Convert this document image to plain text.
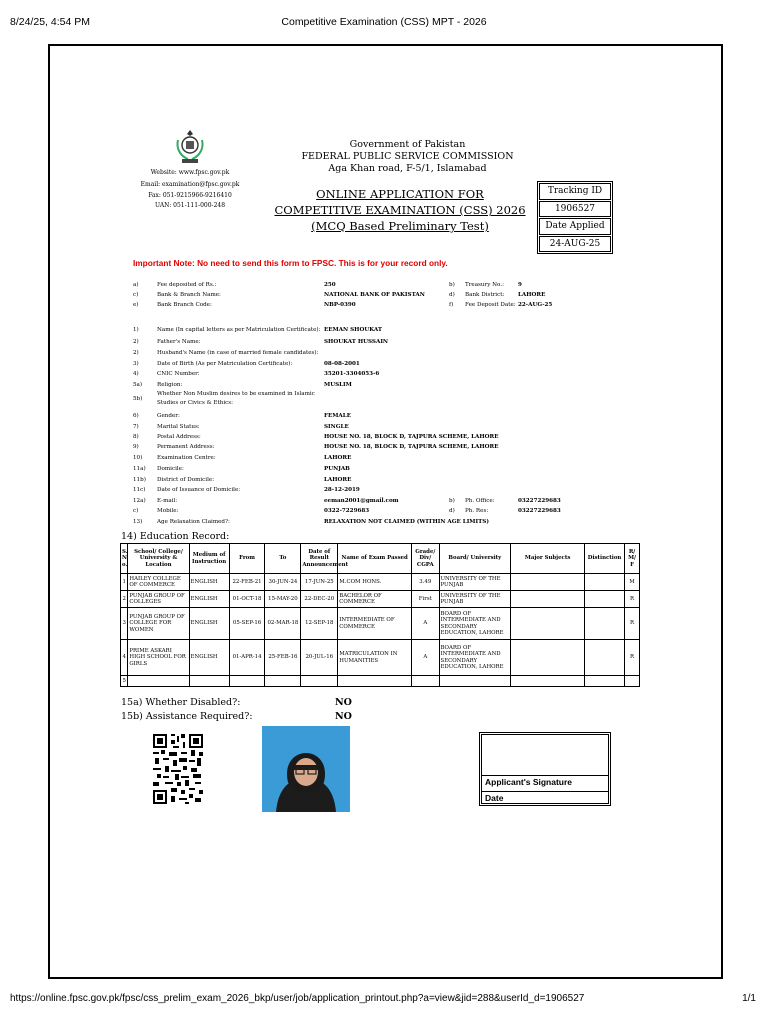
8/24/25, 4:54 PM	Competitive Examination (CSS) MPT - 2026
https://online.fpsc.gov.pk/fpsc/css_prelim_exam_2026_bkp/user/job/application_printout.php?a=view&jid=288&userId_d=1906527	1/1
Website: www.fpsc.gov.pk
Email: examination@fpsc.gov.pk
Fax: 051-9215966-9216410
UAN: 051-111-000-248
Government of Pakistan
FEDERAL PUBLIC SERVICE COMMISSION
Aga Khan road, F-5/1, Islamabad
ONLINE APPLICATION FOR
COMPETITIVE EXAMINATION (CSS) 2026
(MCQ Based Preliminary Test)
Tracking ID
1906527
Date Applied
24-AUG-25
Important Note: No need to send this form to FPSC. This is for your record only.
a)	Fee deposited of Rs.:	250	b) Treasury No.:	9
c)	Bank & Branch Name:	NATIONAL BANK OF PAKISTAN	d) Bank District: LAHORE
e)	Bank Branch Code:	NBP-0390	f) Fee Deposit Date: 22-AUG-25
1)	Name (In capital letters as per Matriculation Certificate): EEMAN SHOUKAT
2)	Father's Name:	SHOUKAT HUSSAIN
2)	Husband's Name (in case of married female candidates):
3)	Date of Birth (As per Matriculation Certificate):	08-08-2001
4)	CNIC Number:	35201-3304053-6
5a)	Religion:	MUSLIM
5b)
Whether Non Muslim desires to be examined in Islamic
Studies or Civics & Ethics:
6)	Gender:	FEMALE
7)	Marital Status:	SINGLE
8)	Postal Address:	HOUSE NO. 18, BLOCK D, TAJPURA SCHEME, LAHORE
9)	Permanent Address:	HOUSE NO. 18, BLOCK D, TAJPURA SCHEME, LAHORE
10)	Examination Centre:	LAHORE
11a) Domicile:	PUNJAB
11b) District of Domicile:	LAHORE
11c) Date of Issuance of Domicile:	28-12-2019
12a) E-mail:	eeman2001@gmail.com	b) Ph. Office:	03227229683
c)	Mobile:	0322-7229683	d) Ph. Res:	03227229683
13)	Age Relaxation Claimed?:	RELAXATION NOT CLAIMED (WITHIN AGE LIMITS)
14) Education Record:
S. N o.	School/ College/ University & Location	Medium of Instruction	From	To	Date of Result Announcement	Name of Exam Passed	Grade/ Div/ CGPA	Board/ University	Major Subjects	Distinction	R/ M/ F
1	HAILEY COLLEGE OF COMMERCE	ENGLISH	22-FEB-21	30-JUN-24	17-JUN-25	M.COM HONS.	3.49	UNIVERSITY OF THE PUNJAB			M
2	PUNJAB GROUP OF COLLEGES	ENGLISH	01-OCT-18	15-MAY-20	22-DEC-20	BACHELOR OF COMMERCE	First	UNIVERSITY OF THE PUNJAB			R
3	PUNJAB GROUP OF COLLEGE FOR WOMEN	ENGLISH	05-SEP-16	02-MAR-18	12-SEP-18	INTERMEDIATE OF COMMERCE	A	BOARD OF INTERMEDIATE AND SECONDARY EDUCATION, LAHORE			R
4	PRIME ASKARI HIGH SCHOOL FOR GIRLS	ENGLISH	01-APR-14	25-FEB-16	20-JUL-16	MATRICULATION IN HUMANITIES	A	BOARD OF INTERMEDIATE AND SECONDARY EDUCATION, LAHORE			R
5											
15a) Whether Disabled?:	NO
15b) Assistance Required?:	NO
Applicant's Signature
Date
